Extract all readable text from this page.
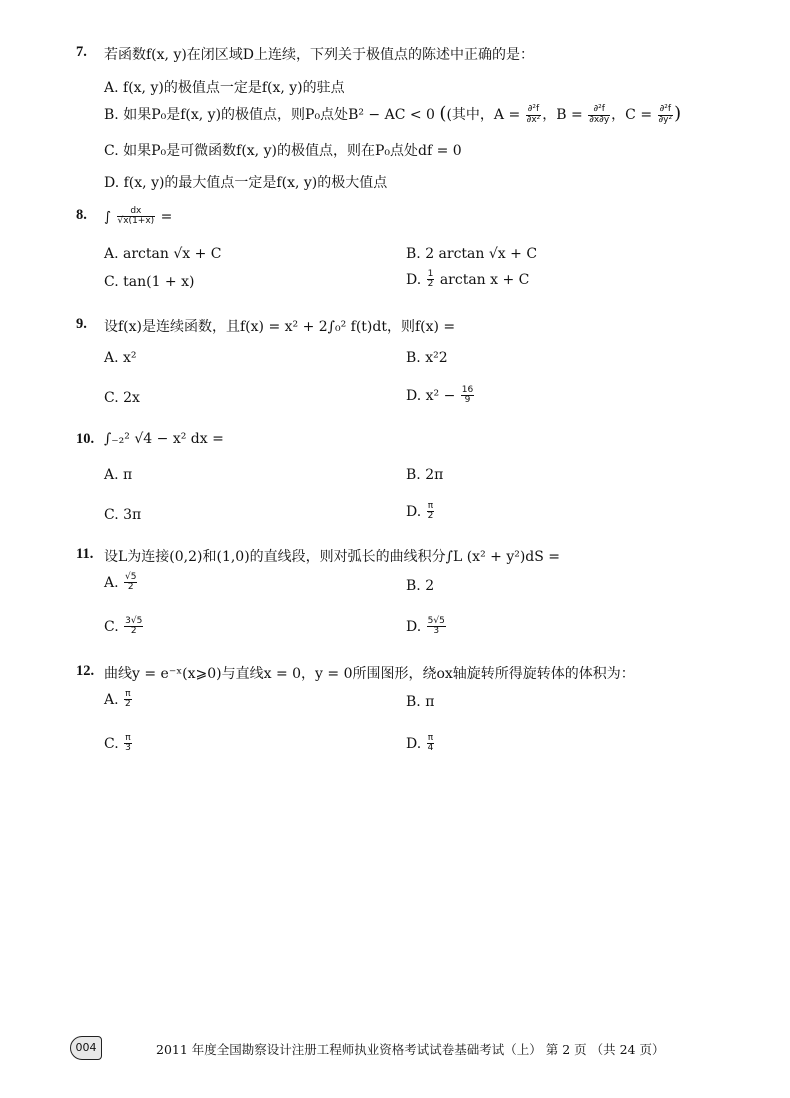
7. 若函数f(x, y)在闭区域D上连续，下列关于极值点的陈述中正确的是：
A. f(x, y)的极值点一定是f(x, y)的驻点
B. 如果P₀是f(x, y)的极值点，则P₀点处B² − AC < 0 ((其中，$A = \frac{\text{∂²f}}{\text{∂x²}}$ ，$B = \frac{\text{∂²f}}{\partial x\partial y}$ ，$C = \frac{\text{∂²f}}{\text{∂y²}}$ )
C. 如果P₀是可微函数f(x, y)的极值点，则在P₀点处df = 0
D. f(x, y)的最大值点一定是f(x, y)的极大值点
8. ∫ $\frac{dx}{√x(1+x)}$ =
A. arctan √x + C	B. 2 arctan √x + C
C. tan(1 + x)	D. $\frac{1}{2}$ arctan x + C
9. 设f(x)是连续函数，且f(x) = x² + 2∫₀² f(t)dt，则f(x) =
A. x²	B. x²2
C. 2x	D. $x^2 - \frac{16}{9}$
10. ∫₋₂² √4 − x² dx =
A. π	B. 2π
C. 3π	D. $\frac{\pi}{2}$
11. 设L为连接(0,2)和(1,0)的直线段，则对弧长的曲线积分∫L (x² + y²)dS =
A. $\frac{√5}{2}$	B. 2
C. $\frac{3√5}{2}$	D. $\frac{5√5}{3}$
12. 曲线y = e⁻ˣ(x⩾0)与直线x = 0，y = 0所围图形，绕ox轴旋转所得旋转体的体积为：
A. $\frac{\pi}{2}$	B. π
C. $\frac{\pi}{3}$	D. $\frac{\pi}{4}$
004	2011 年度全国勘察设计注册工程师执业资格考试试卷基础考试（上） 第 2 页 （共 24 页）
